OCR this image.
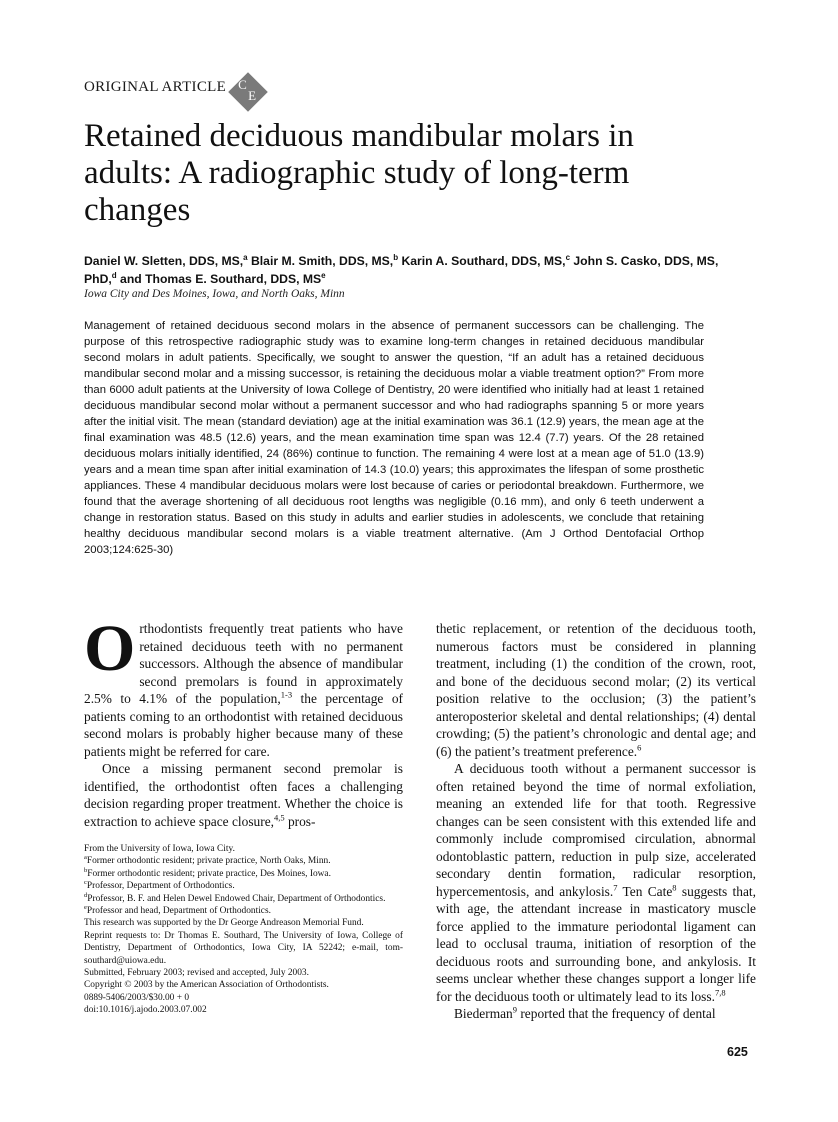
ORIGINAL ARTICLE C
E
Retained deciduous mandibular molars in adults: A radiographic study of long-term changes
Daniel W. Sletten, DDS, MS,$^a$ Blair M. Smith, DDS, MS,$^b$ Karin A. Southard, DDS, MS,$^c$ John S. Casko, DDS, MS, PhD,$^d$ and Thomas E. Southard, DDS, $MS^e$
Iowa City and Des Moines, Iowa, and North Oaks, Minn

Management of retained deciduous second molars in the absence of permanent successors can be challenging. The purpose of this retrospective radiographic study was to examine long-term changes in retained deciduous mandibular second molars in adult patients. Specifically, we sought to answer the question, “If an adult has a retained deciduous mandibular second molar and a missing successor, is retaining the deciduous molar a viable treatment option?” From more than 6000 adult patients at the University of Iowa College of Dentistry, 20 were identified who initially had at least 1 retained deciduous mandibular second molar without a permanent successor and who had radiographs spanning 5 or more years after the initial visit. The mean (standard deviation) age at the initial examination was 36.1 (12.9) years, the mean age at the final examination was 48.5 (12.6) years, and the mean examination time span was 12.4 (7.7) years. Of the 28 retained deciduous molars initially identified, 24 (86%) continue to function. The remaining 4 were lost at a mean age of 51.0 (13.9) years and a mean time span after initial examination of 14.3 (10.0) years; this approximates the lifespan of some prosthetic appliances. These 4 mandibular deciduous molars were lost because of caries or periodontal breakdown. Furthermore, we found that the average shortening of all deciduous root lengths was negligible (0.16 mm), and only 6 teeth underwent a change in restoration status. Based on this study in adults and earlier studies in adolescents, we conclude that retaining healthy deciduous mandibular second molars is a viable treatment alternative. (Am J Orthod Dentofacial Orthop 2003;124:625-30)

Orthodontists frequently treat patients who have retained deciduous teeth with no permanent successors. Although the absence of mandibular second premolars is found in approximately 2.5% to 4.1% of the population,$^{1-3}$ the percentage of patients coming to an orthodontist with retained deciduous second molars is probably higher because many of these patients might be referred for care.

Once a missing permanent second premolar is identified, the orthodontist often faces a challenging decision regarding proper treatment. Whether the choice is extraction to achieve space closure,$^{4,5}$ pros-

From the University of Iowa, Iowa City.

$^a$Former orthodontic resident; private practice, North Oaks, Minn.

$^b$Former orthodontic resident; private practice, Des Moines, Iowa.

$^c$Professor, Department of Orthodontics.

$^d$Professor, B. F. and Helen Dewel Endowed Chair, Department of Orthodontics.

$^e$Professor and head, Department of Orthodontics.

This research was supported by the Dr George Andreason Memorial Fund.

Reprint requests to: Dr Thomas E. Southard, The University of Iowa, College of Dentistry, Department of Orthodontics, Iowa City, IA 52242; e-mail, tom-southard@uiowa.edu.

Submitted, February 2003; revised and accepted, July 2003.

Copyright © 2003 by the American Association of Orthodontists.

0889-5406/2003/$30.00 + 0

doi:10.1016/j.ajodo.2003.07.002

thetic replacement, or retention of the deciduous tooth, numerous factors must be considered in planning treatment, including (1) the condition of the crown, root, and bone of the deciduous second molar; (2) its vertical position relative to the occlusion; (3) the patient’s anteroposterior skeletal and dental relationships; (4) dental crowding; (5) the patient’s chronologic and dental age; and (6) the patient’s treatment preference.$^6$

A deciduous tooth without a permanent successor is often retained beyond the time of normal exfoliation, meaning an extended life for that tooth. Regressive changes can be seen consistent with this extended life and commonly include compromised circulation, abnormal odontoblastic pattern, reduction in pulp size, accelerated secondary dentin formation, radicular resorption, hypercementosis, and ankylosis.$^7$ Ten Cate$^8$ suggests that, with age, the attendant increase in masticatory muscle force applied to the immature periodontal ligament can lead to occlusal trauma, initiation of resorption of the deciduous roots and surrounding bone, and ankylosis. It seems unclear whether these changes support a longer life for the deciduous tooth or ultimately lead to its loss.$^{7,8}$

Biederman$^9$ reported that the frequency of dental

625
